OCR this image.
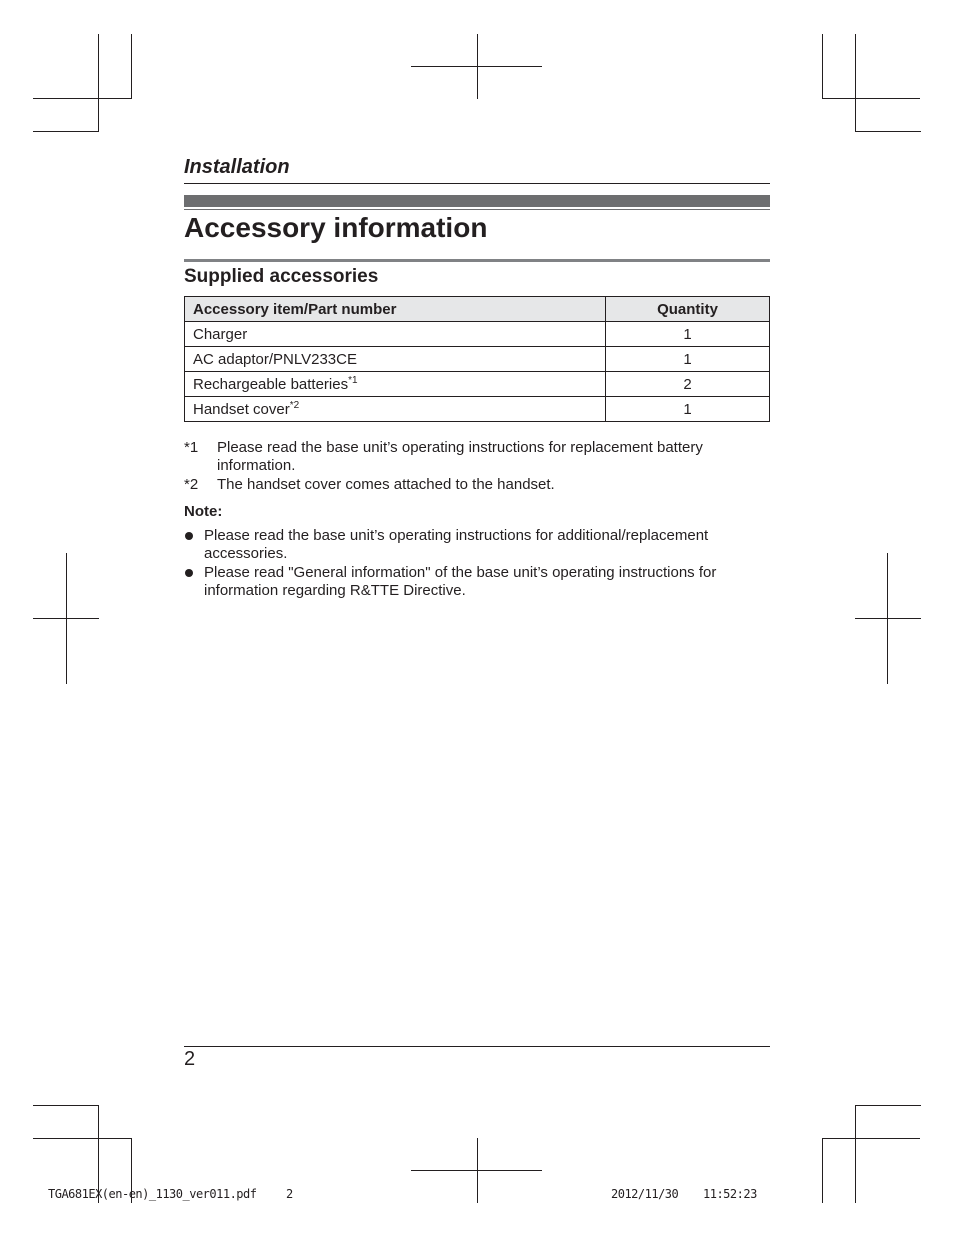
Installation
Accessory information
Supplied accessories
Accessory item/Part number	Quantity
Charger	1
AC adaptor/PNLV233CE	1
Rechargeable batteries$^{*1}$	2
Handset cover$^{*2}$	1
*1 Please read the base unit’s operating instructions for replacement battery information.
*2 The handset cover comes attached to the handset.
Note:
Please read the base unit’s operating instructions for additional/replacement accessories.
Please read "General information" of the base unit’s operating instructions for information regarding R&TTE Directive.
2
TGA681EX(en-en)_1130_ver011.pdf 2	2012/11/30 11:52:23
